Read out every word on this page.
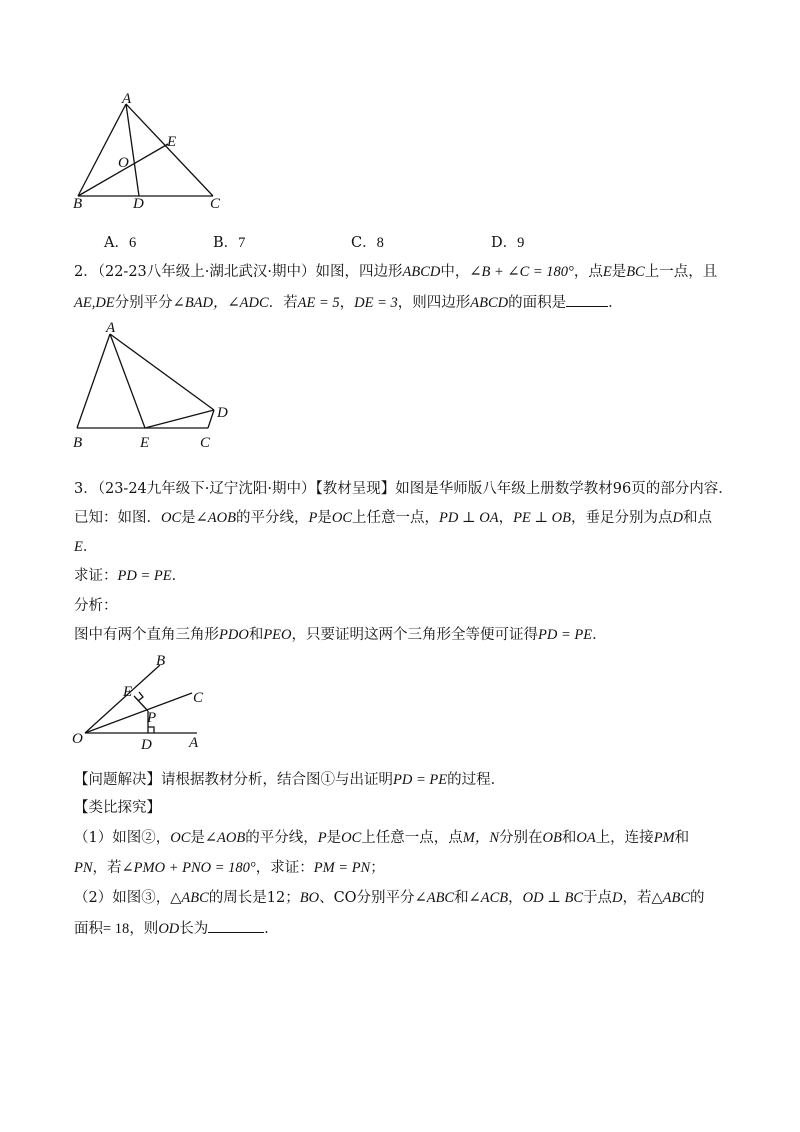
A
E
O
B	D	C
A．6	B．7	C．8	D．9
2．（22-23八年级上·湖北武汉·期中）如图，四边形ABCD中，∠B + ∠C = 180°，点E是BC上一点，且
AE,DE分别平分∠BAD，∠ADC．若AE = 5，DE = 3，则四边形ABCD的面积是	．
A
D
B	E	C
3．（23-24九年级下·辽宁沈阳·期中）【教材呈现】如图是华师版八年级上册数学教材96页的部分内容．
已知：如图．OC是∠AOB的平分线，P是OC上任意一点，PD ⊥ OA，PE ⊥ OB，垂足分别为点D和点
E．
求证：PD = PE．
分析：
图中有两个直角三角形PDO和PEO，只要证明这两个三角形全等便可证得PD = PE．
B
E	C
P
O	D A
【问题解决】请根据教材分析，结合图①与出证明PD = PE的过程．
【类比探究】
（1）如图②，OC是∠AOB的平分线，P是OC上任意一点，点M，N分别在OB和OA上，连接PM和
PN，若∠PMO + PNO = 180°，求证：PM = PN；
（2）如图③，△ABC的周长是12；BO、CO分别平分∠ABC和∠ACB，OD ⊥ BC于点D，若△ABC的
面积= 18，则OD长为	．
